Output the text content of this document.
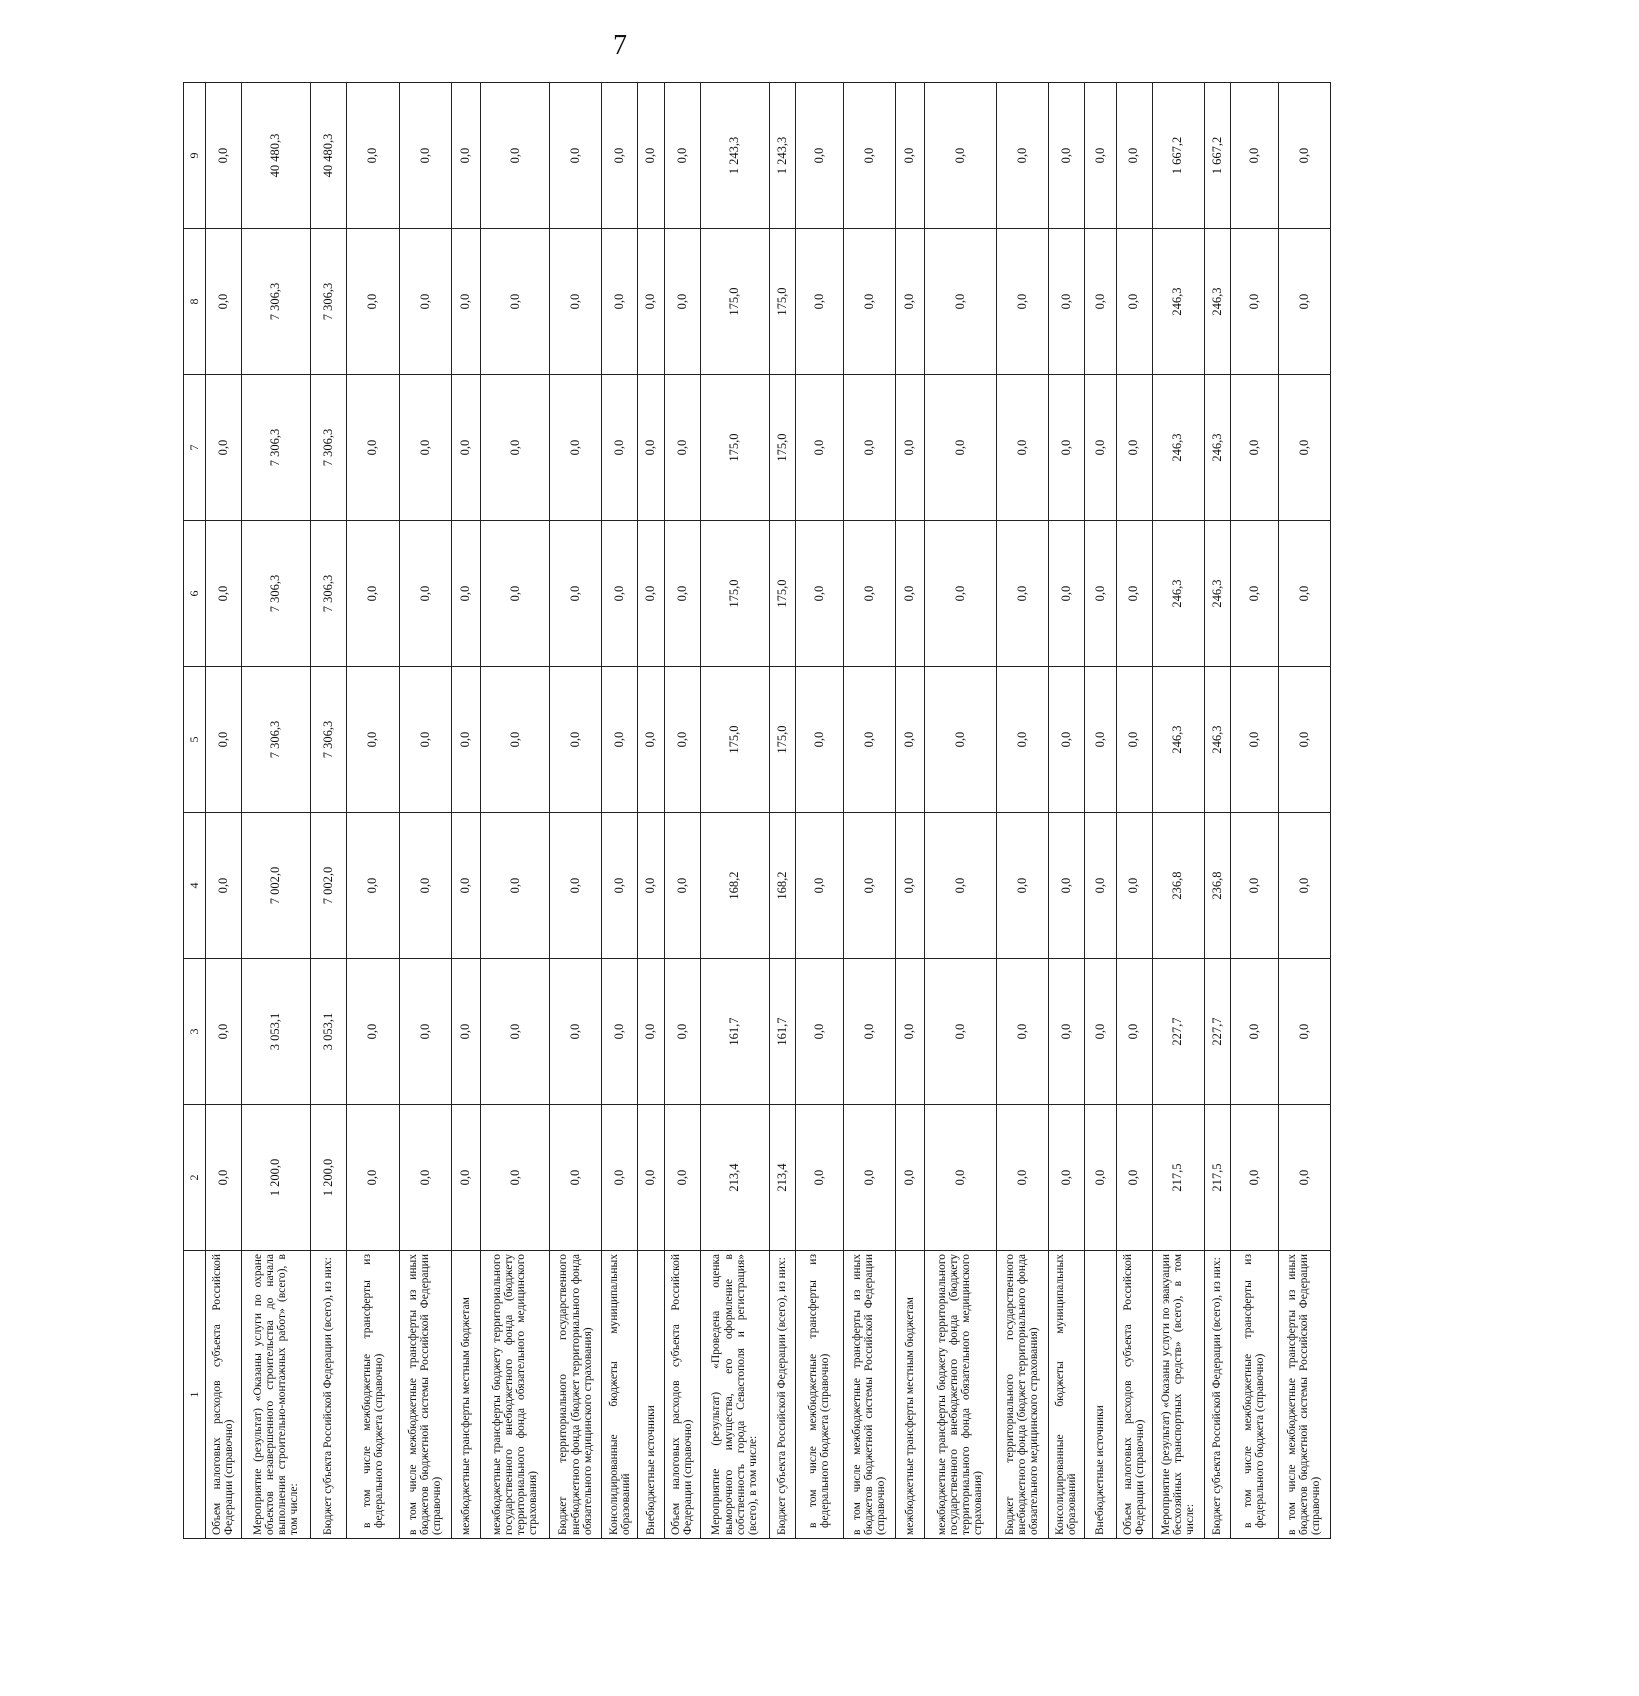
7
1	2	3	4	5	6	7	8	9
Объем налоговых расходов субъекта Российской Федерации (справочно)	0,0	0,0	0,0	0,0	0,0	0,0	0,0	0,0
Мероприятие (результат) «Оказаны услуги по охране объектов незавершенного строительства до начала выполнения строительно-монтажных работ» (всего), в том числе:	1 200,0	3 053,1	7 002,0	7 306,3	7 306,3	7 306,3	7 306,3	40 480,3
Бюджет субъекта Российской Федерации (всего), из них:	1 200,0	3 053,1	7 002,0	7 306,3	7 306,3	7 306,3	7 306,3	40 480,3
в том числе межбюджетные трансферты из федерального бюджета (справочно)	0,0	0,0	0,0	0,0	0,0	0,0	0,0	0,0
в том числе межбюджетные трансферты из иных бюджетов бюджетной системы Российской Федерации (справочно)	0,0	0,0	0,0	0,0	0,0	0,0	0,0	0,0
межбюджетные трансферты местным бюджетам	0,0	0,0	0,0	0,0	0,0	0,0	0,0	0,0
межбюджетные трансферты бюджету территориального государственного внебюджетного фонда (бюджету территориального фонда обязательного медицинского страхования)	0,0	0,0	0,0	0,0	0,0	0,0	0,0	0,0
Бюджет территориального государственного внебюджетного фонда (бюджет территориального фонда обязательного медицинского страхования)	0,0	0,0	0,0	0,0	0,0	0,0	0,0	0,0
Консолидированные бюджеты муниципальных образований	0,0	0,0	0,0	0,0	0,0	0,0	0,0	0,0
Внебюджетные источники	0,0	0,0	0,0	0,0	0,0	0,0	0,0	0,0
Объем налоговых расходов субъекта Российской Федерации (справочно)	0,0	0,0	0,0	0,0	0,0	0,0	0,0	0,0
Мероприятие (результат) «Проведена оценка выморочного имущества, его оформление в собственность города Севастополя и регистрация» (всего), в том числе:	213,4	161,7	168,2	175,0	175,0	175,0	175,0	1 243,3
Бюджет субъекта Российской Федерации (всего), из них:	213,4	161,7	168,2	175,0	175,0	175,0	175,0	1 243,3
в том числе межбюджетные трансферты из федерального бюджета (справочно)	0,0	0,0	0,0	0,0	0,0	0,0	0,0	0,0
в том числе межбюджетные трансферты из иных бюджетов бюджетной системы Российской Федерации (справочно)	0,0	0,0	0,0	0,0	0,0	0,0	0,0	0,0
межбюджетные трансферты местным бюджетам	0,0	0,0	0,0	0,0	0,0	0,0	0,0	0,0
межбюджетные трансферты бюджету территориального государственного внебюджетного фонда (бюджету территориального фонда обязательного медицинского страхования)	0,0	0,0	0,0	0,0	0,0	0,0	0,0	0,0
Бюджет территориального государственного внебюджетного фонда (бюджет территориального фонда обязательного медицинского страхования)	0,0	0,0	0,0	0,0	0,0	0,0	0,0	0,0
Консолидированные бюджеты муниципальных образований	0,0	0,0	0,0	0,0	0,0	0,0	0,0	0,0
Внебюджетные источники	0,0	0,0	0,0	0,0	0,0	0,0	0,0	0,0
Объем налоговых расходов субъекта Российской Федерации (справочно)	0,0	0,0	0,0	0,0	0,0	0,0	0,0	0,0
Мероприятие (результат) «Оказаны услуги по эвакуации бесхозяйных транспортных средств» (всего), в том числе:	217,5	227,7	236,8	246,3	246,3	246,3	246,3	1 667,2
Бюджет субъекта Российской Федерации (всего), из них:	217,5	227,7	236,8	246,3	246,3	246,3	246,3	1 667,2
в том числе межбюджетные трансферты из федерального бюджета (справочно)	0,0	0,0	0,0	0,0	0,0	0,0	0,0	0,0
в том числе межбюджетные трансферты из иных бюджетов бюджетной системы Российской Федерации (справочно)	0,0	0,0	0,0	0,0	0,0	0,0	0,0	0,0
